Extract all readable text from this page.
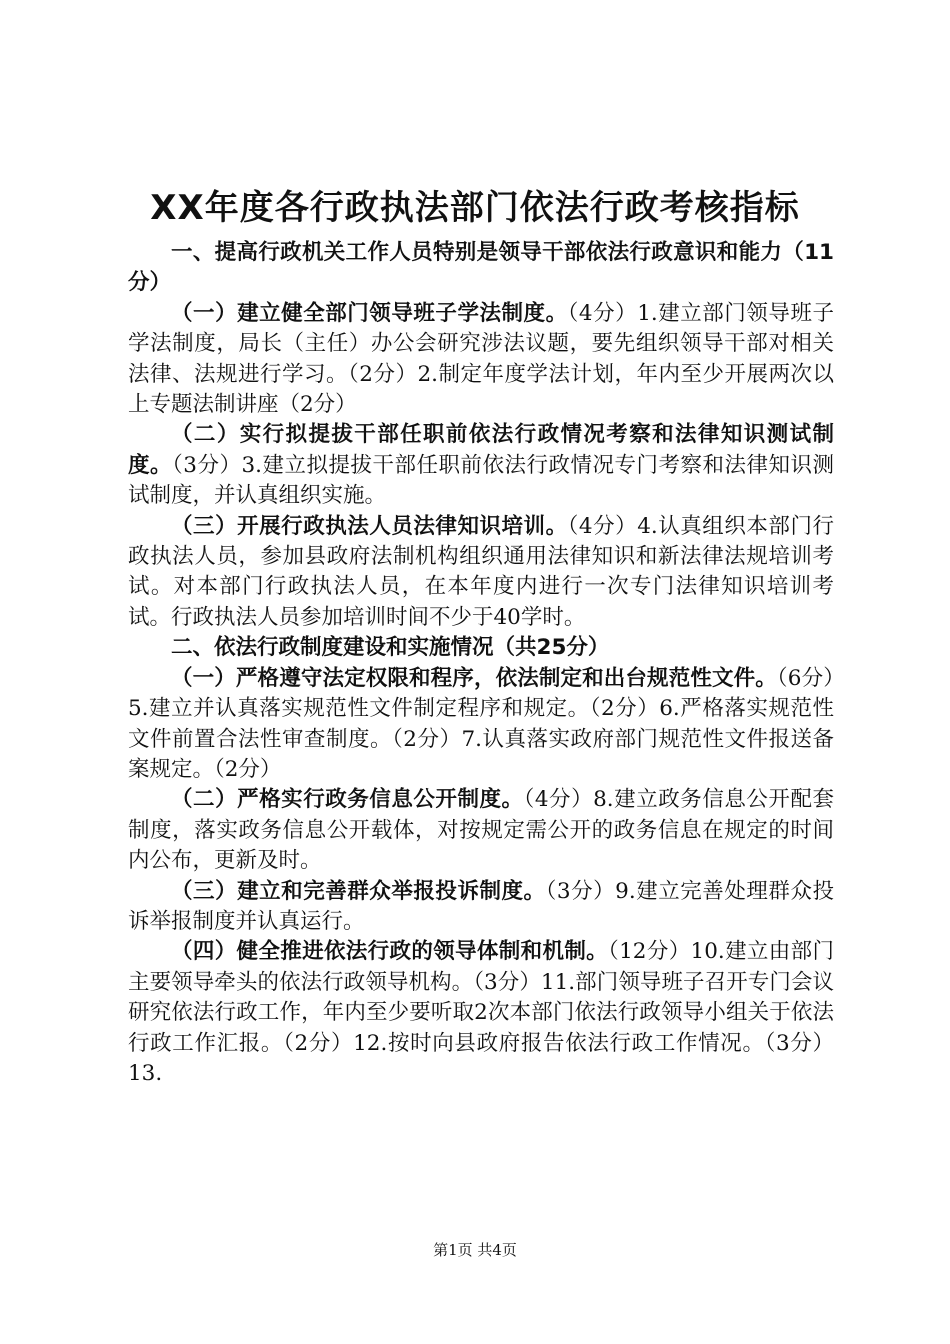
XX年度各行政执法部门依法行政考核指标

一、提高行政机关工作人员特别是领导干部依法行政意识和能力（11分）

（一）建立健全部门领导班子学法制度。（4分）1.建立部门领导班子学法制度，局长（主任）办公会研究涉法议题，要先组织领导干部对相关法律、法规进行学习。（2分）2.制定年度学法计划，年内至少开展两次以上专题法制讲座（2分）

（二）实行拟提拔干部任职前依法行政情况考察和法律知识测试制度。（3分）3.建立拟提拔干部任职前依法行政情况专门考察和法律知识测试制度，并认真组织实施。

（三）开展行政执法人员法律知识培训。（4分）4.认真组织本部门行政执法人员，参加县政府法制机构组织通用法律知识和新法律法规培训考试。对本部门行政执法人员，在本年度内进行一次专门法律知识培训考试。行政执法人员参加培训时间不少于40学时。

二、依法行政制度建设和实施情况（共25分）

（一）严格遵守法定权限和程序，依法制定和出台规范性文件。（6分）5.建立并认真落实规范性文件制定程序和规定。（2分）6.严格落实规范性文件前置合法性审查制度。（2分）7.认真落实政府部门规范性文件报送备案规定。（2分）

（二）严格实行政务信息公开制度。（4分）8.建立政务信息公开配套制度，落实政务信息公开载体，对按规定需公开的政务信息在规定的时间内公布，更新及时。

（三）建立和完善群众举报投诉制度。（3分）9.建立完善处理群众投诉举报制度并认真运行。

（四）健全推进依法行政的领导体制和机制。（12分）10.建立由部门主要领导牵头的依法行政领导机构。（3分）11.部门领导班子召开专门会议研究依法行政工作，年内至少要听取2次本部门依法行政领导小组关于依法行政工作汇报。（2分）12.按时向县政府报告依法行政工作情况。（3分）13.

第1页 共4页
